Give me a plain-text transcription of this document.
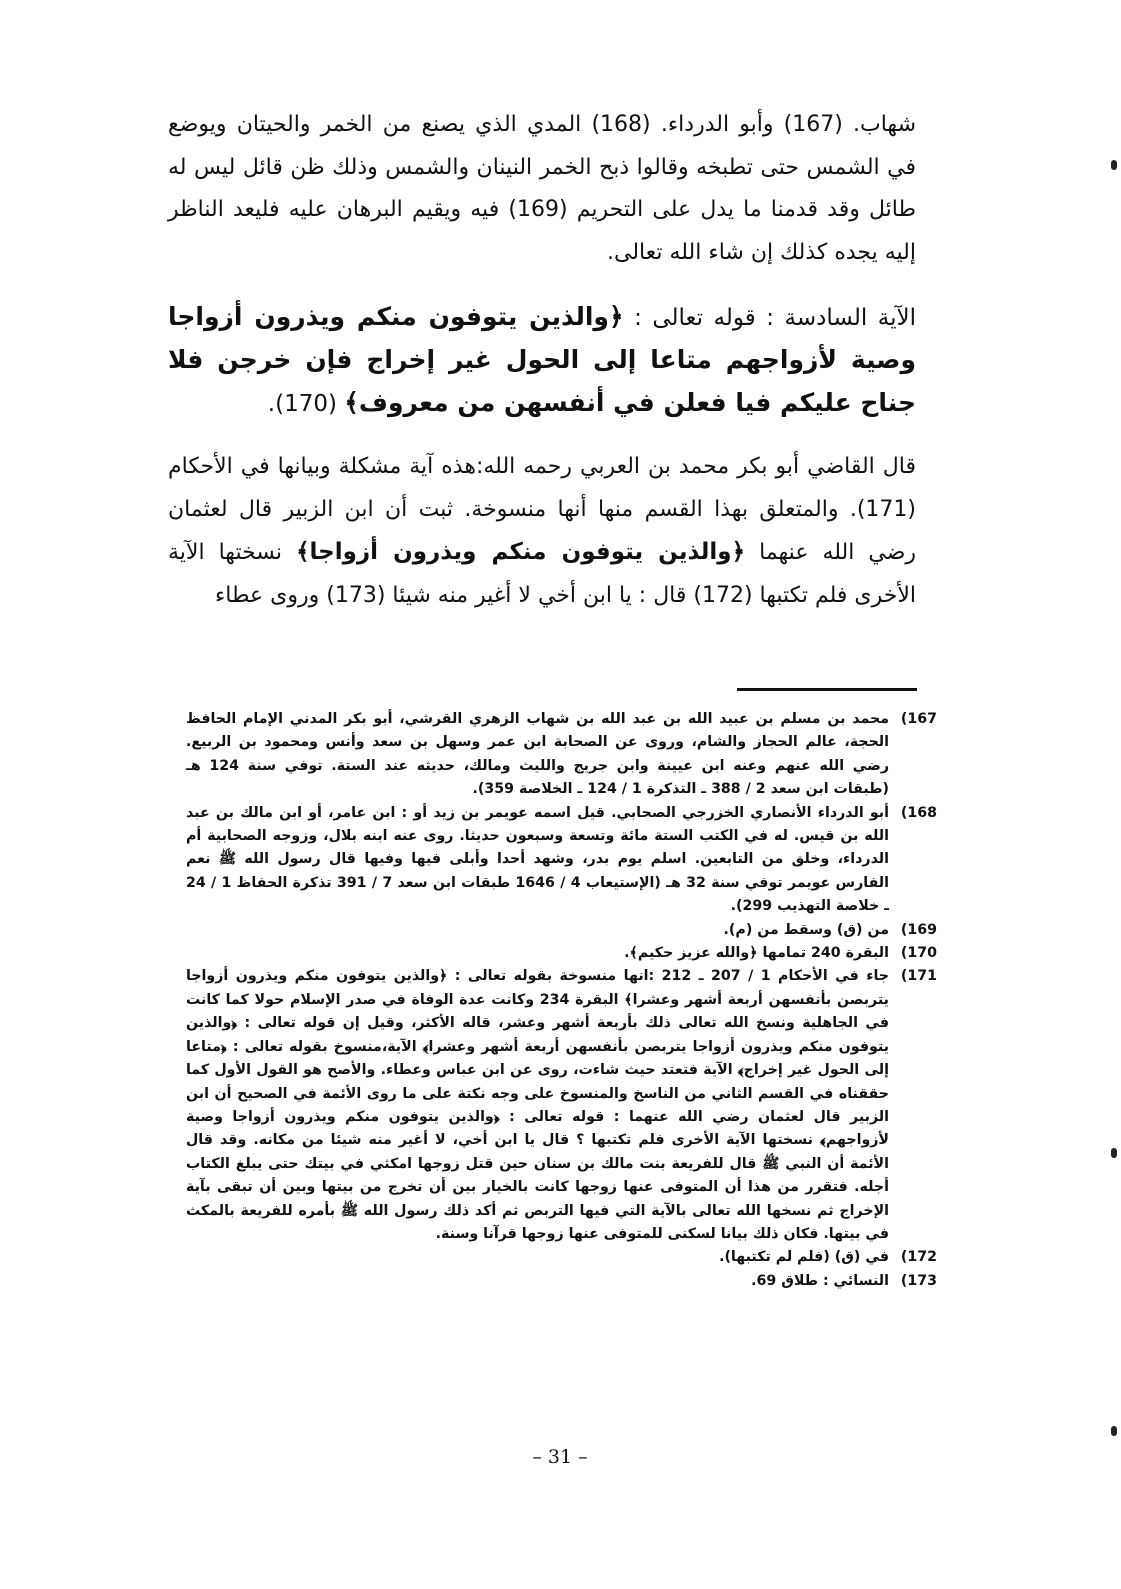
شهاب. (167) وأبو الدرداء. (168) المدي الذي يصنع من الخمر والحيتان ويوضع في الشمس حتى تطبخه وقالوا ذبح الخمر النينان والشمس وذلك ظن قائل ليس له طائل وقد قدمنا ما يدل على التحريم (169) فيه ويقيم البرهان عليه فليعد الناظر إليه يجده كذلك إن شاء الله تعالى.

الآية السادسة : قوله تعالى : ﴿والذين يتوفون منكم ويذرون أزواجا وصية لأزواجهم متاعا إلى الحول غير إخراج فإن خرجن فلا جناح عليكم فيا فعلن في أنفسهن من معروف﴾ (170).

قال القاضي أبو بكر محمد بن العربي رحمه الله:هذه آية مشكلة وبيانها في الأحكام (171). والمتعلق بهذا القسم منها أنها منسوخة. ثبت أن ابن الزبير قال لعثمان رضي الله عنهما ﴿والذين يتوفون منكم ويذرون أزواجا﴾ نسختها الآية الأخرى فلم تكتبها (172) قال : يا ابن أخي لا أغير منه شيئا (173) وروى عطاء

(167
محمد بن مسلم بن عبيد الله بن عبد الله بن شهاب الزهري القرشي، أبو بكر المدني الإمام الحافظ الحجة، عالم الحجاز والشام، وروى عن الصحابة ابن عمر وسهل بن سعد وأنس ومحمود بن الربيع. رضي الله عنهم وعنه ابن عيينة وابن جريج والليث ومالك، حديثه عند الستة. توفي سنة 124 هـ (طبقات ابن سعد 2 / 388 ـ التذكرة 1 / 124 ـ الخلاصة 359).
(168
أبو الدرداء الأنصاري الخزرجي الصحابي. قيل اسمه عويمر بن زيد أو : ابن عامر، أو ابن مالك بن عبد الله بن قيس. له في الكتب الستة مائة وتسعة وسبعون حديثا. روى عنه ابنه بلال، وزوجه الصحابية أم الدرداء، وخلق من التابعين. اسلم يوم بدر، وشهد أحدا وأبلى فيها وفيها قال رسول الله ﷺ نعم الفارس عويمر توفي سنة 32 هـ (الإستيعاب 4 / 1646 طبقات ابن سعد 7 / 391 تذكرة الحفاظ 1 / 24 ـ خلاصة التهذيب 299).
(169
من (ق) وسقط من (م).
(170
البقرة 240 تمامها ﴿والله عزيز حكيم﴾.
(171
جاء في الأحكام 1 / 207 ـ 212 :انها منسوخة بقوله تعالى : ﴿والذين يتوفون منكم ويذرون أزواجا يتربصن بأنفسهن أربعة أشهر وعشرا﴾ البقرة 234 وكانت عدة الوفاة في صدر الإسلام حولا كما كانت في الجاهلية ونسخ الله تعالى ذلك بأربعة أشهر وعشر، قاله الأكثر، وقيل إن قوله تعالى : ﴿والذين يتوفون منكم ويذرون أزواجا يتربصن بأنفسهن أربعة أشهر وعشرا﴾ الآية،منسوخ بقوله تعالى : ﴿متاعا إلى الحول غير إخراج﴾ الآية فتعتد حيث شاءت، روى عن ابن عباس وعطاء. والأصح هو القول الأول كما حققناه في القسم الثاني من الناسخ والمنسوخ على وجه نكتة على ما روى الأئمة في الصحيح أن ابن الزبير قال لعثمان رضي الله عنهما : قوله تعالى : ﴿والذين يتوفون منكم ويذرون أزواجا وصية لأزواجهم﴾ نسختها الآية الأخرى فلم تكتبها ؟ قال يا ابن أخي، لا أغير منه شيئا من مكانه. وقد قال الأئمة أن النبي ﷺ قال للفريعة بنت مالك بن سنان حين قتل زوجها امكثي في بيتك حتى يبلغ الكتاب أجله. فتقرر من هذا أن المتوفى عنها زوجها كانت بالخيار بين أن تخرج من بيتها وبين أن تبقى بآية الإخراج ثم نسخها الله تعالى بالآية التي فيها التربص ثم أكد ذلك رسول الله ﷺ بأمره للفريعة بالمكث في بيتها. فكان ذلك بيانا لسكنى للمتوفى عنها زوجها قرآنا وسنة.
(172
في (ق) (فلم لم تكتبها).
(173
النسائي : طلاق 69.
– 31 –
